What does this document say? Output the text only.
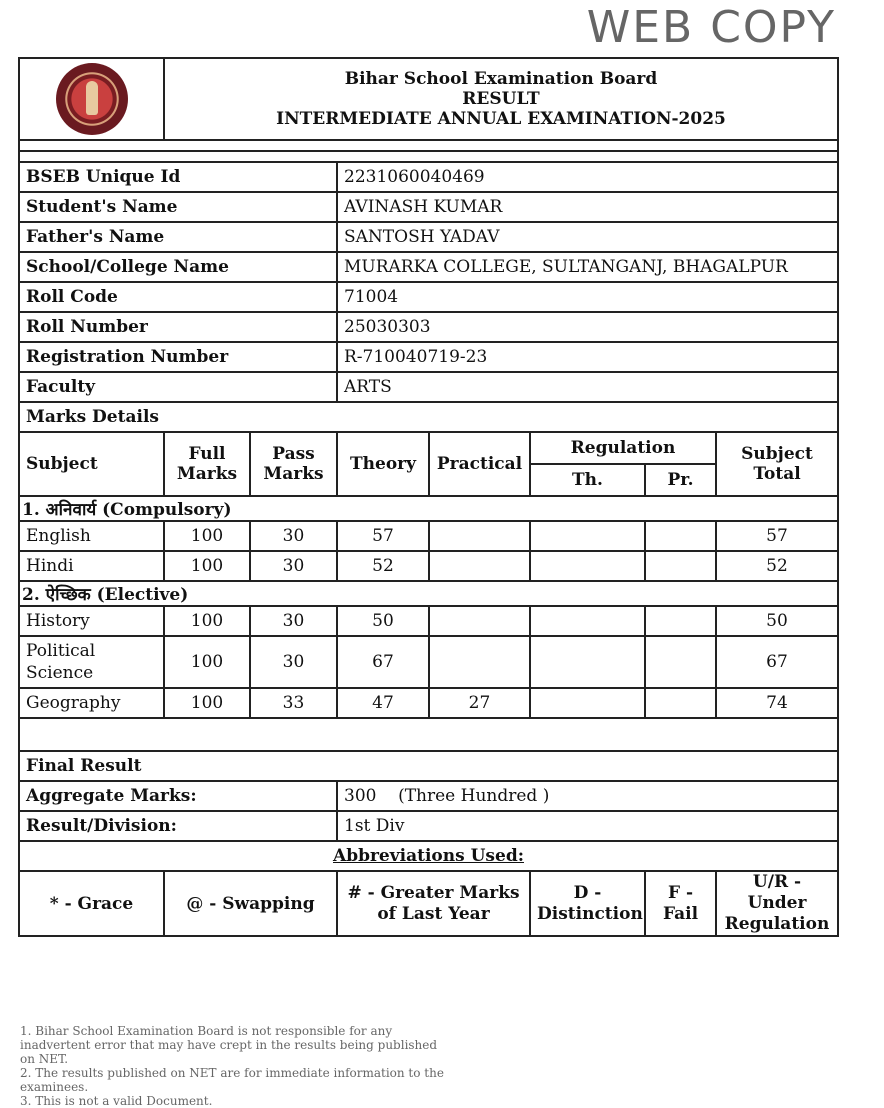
	Bihar School Examination Board
RESULT
INTERMEDIATE ANNUAL EXAMINATION-2025						

BSEB Unique Id			2231060040469				
Student's Name			AVINASH KUMAR				
Father's Name			SANTOSH YADAV				
School/College Name			MURARKA COLLEGE, SULTANGANJ, BHAGALPUR				
Roll Code			71004				
Roll Number			25030303				
Registration Number			R-710040719-23				
Faculty			ARTS				
Marks Details							
Subject	Full Marks	Pass Marks	Theory	Practical	Regulation		Subject Total
					Th.	Pr.	
1. अनिवार्य (Compulsory)							
English	100	30	57				57
Hindi	100	30	52				52
2. ऐच्छिक (Elective)							
History	100	30	50				50
Political Science	100	30	67				67
Geography	100	33	47	27			74

Final Result							
Aggregate Marks:			300    (Three Hundred )				
Result/Division:			1st Div				
Abbreviations Used:							
* - Grace	@ - Swapping		# - Greater Marks of Last Year		D - Distinction	F - Fail	U/R - Under Regulation
WEB COPY
1. Bihar School Examination Board is not responsible for any
inadvertent error that may have crept in the results being published
on NET.
2. The results published on NET are for immediate information to the
examinees.
3. This is not a valid Document.
